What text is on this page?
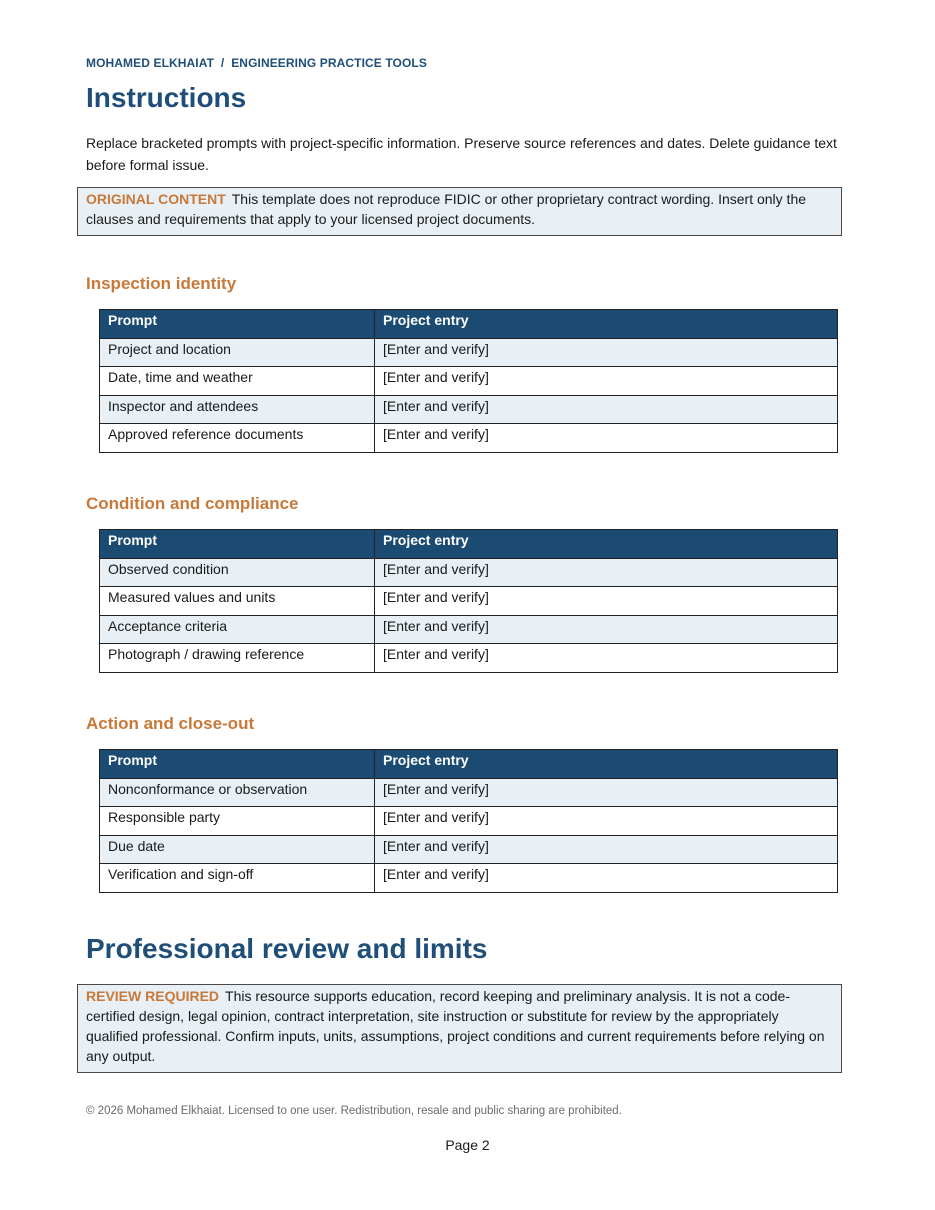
MOHAMED ELKHAIAT  /  ENGINEERING PRACTICE TOOLS
Instructions
Replace bracketed prompts with project-specific information. Preserve source references and dates. Delete guidance text before formal issue.
ORIGINAL CONTENT This template does not reproduce FIDIC or other proprietary contract wording. Insert only the clauses and requirements that apply to your licensed project documents.
Inspection identity
Prompt	Project entry
Project and location	[Enter and verify]
Date, time and weather	[Enter and verify]
Inspector and attendees	[Enter and verify]
Approved reference documents	[Enter and verify]
Condition and compliance
Prompt	Project entry
Observed condition	[Enter and verify]
Measured values and units	[Enter and verify]
Acceptance criteria	[Enter and verify]
Photograph / drawing reference	[Enter and verify]
Action and close-out
Prompt	Project entry
Nonconformance or observation	[Enter and verify]
Responsible party	[Enter and verify]
Due date	[Enter and verify]
Verification and sign-off	[Enter and verify]
Professional review and limits
REVIEW REQUIRED This resource supports education, record keeping and preliminary analysis. It is not a code-certified design, legal opinion, contract interpretation, site instruction or substitute for review by the appropriately qualified professional. Confirm inputs, units, assumptions, project conditions and current requirements before relying on any output.
© 2026 Mohamed Elkhaiat. Licensed to one user. Redistribution, resale and public sharing are prohibited.
Page 2
